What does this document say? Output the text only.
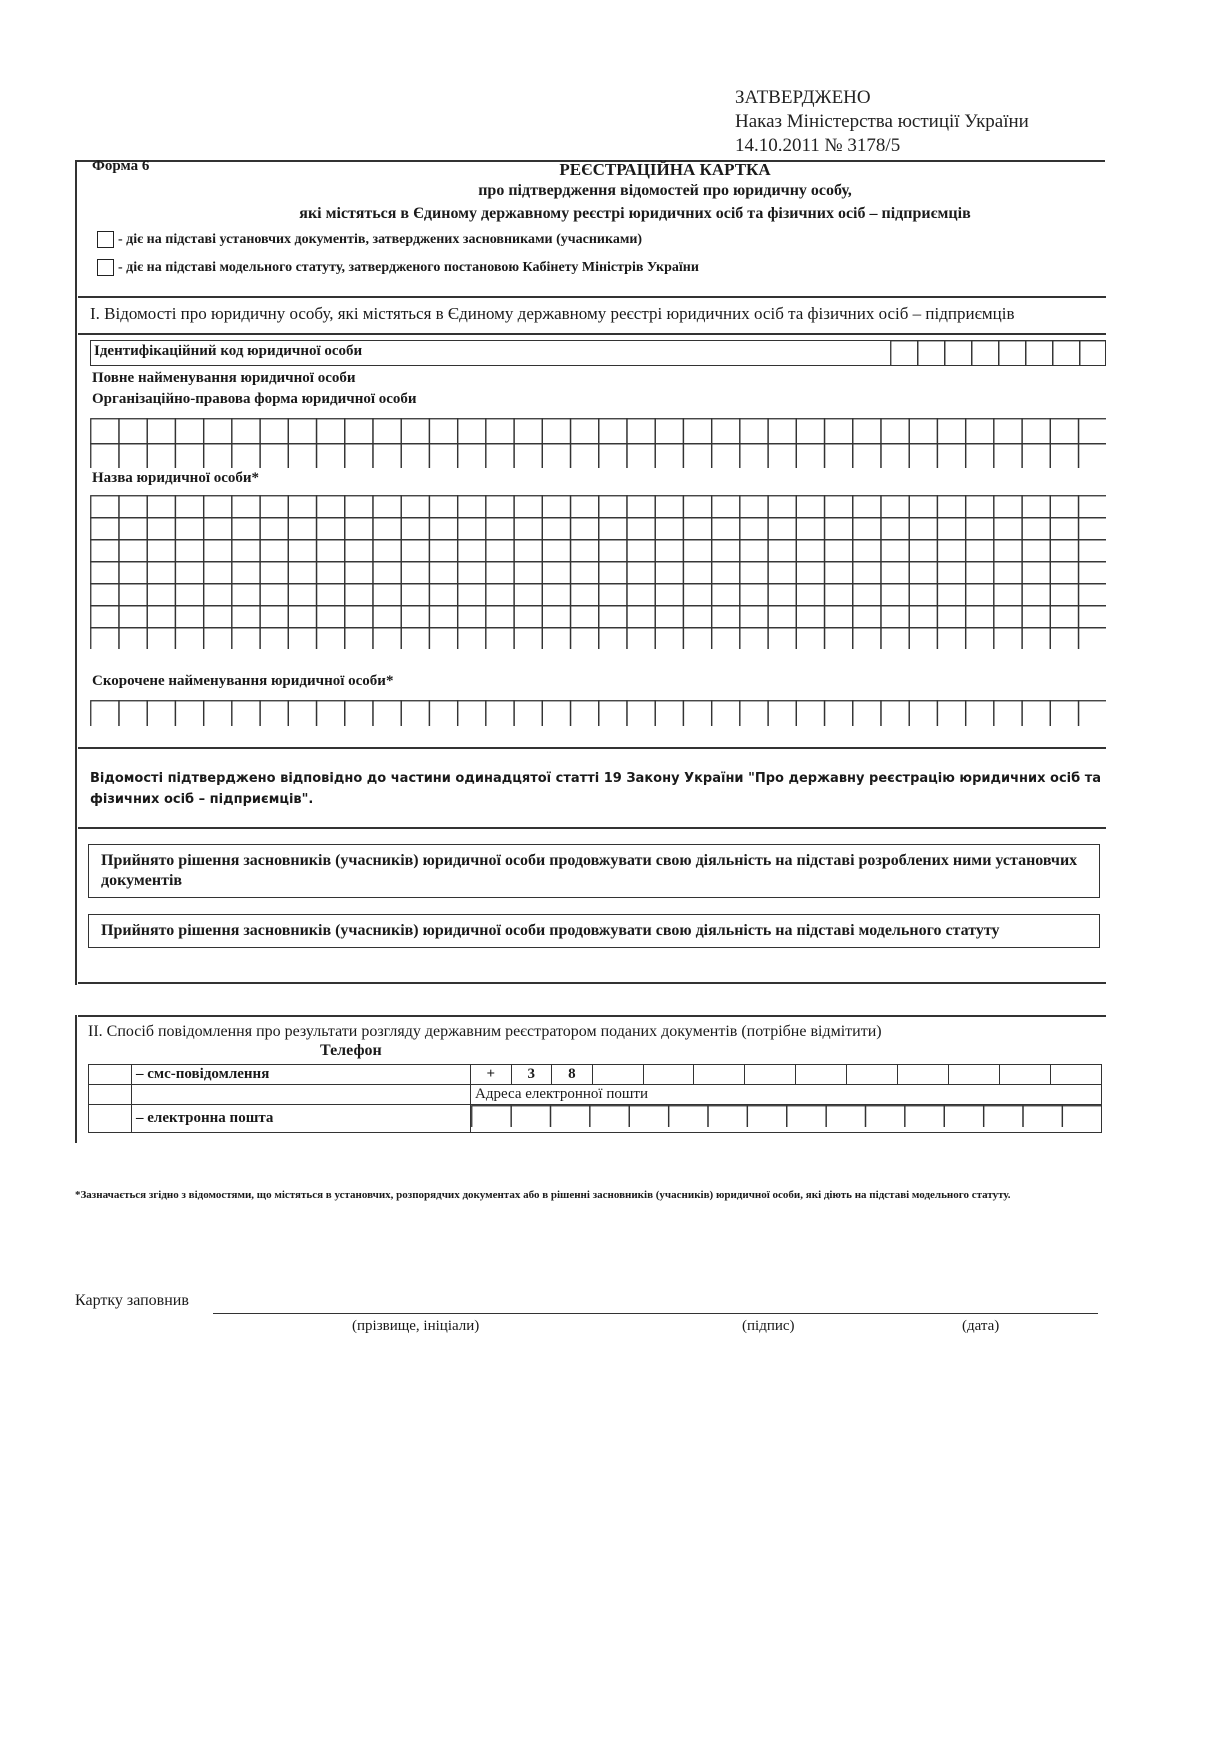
ЗАТВЕРДЖЕНО
Наказ Міністерства юстиції України
14.10.2011 № 3178/5
Форма 6	РЕЄСТРАЦІЙНА КАРТКА
про підтвердження відомостей про юридичну особу,
які містяться в Єдиному державному реєстрі юридичних осіб та фізичних осіб – підприємців
- діє на підставі установчих документів, затверджених засновниками (учасниками)
- діє на підставі модельного статуту, затвердженого постановою Кабінету Міністрів України
I. Відомості про юридичну особу, які містяться в Єдиному державному реєстрі юридичних осіб та фізичних осіб – підприємців
Ідентифікаційний код юридичної особи
Повне найменування юридичної особи
Організаційно-правова форма юридичної особи
Назва юридичної особи*
Скорочене найменування юридичної особи*
Відомості підтверджено відповідно до частини одинадцятої статті 19 Закону України "Про державну реєстрацію юридичних осіб та фізичних осіб – підприємців".
Прийнято рішення засновників (учасників) юридичної особи продовжувати свою діяльність на підставі розроблених ними установчих документів
Прийнято рішення засновників (учасників) юридичної особи продовжувати свою діяльність на підставі модельного статуту
II. Спосіб повідомлення про результати розгляду державним реєстратором поданих документів (потрібне відмітити)
Телефон
	– смс-повідомлення	+	3	8										
		Адреса електронної пошти												
	– електронна пошта	
*Зазначається згідно з відомостями, що містяться в установчих, розпорядчих документах або в рішенні засновників (учасників) юридичної особи, які діють на підставі модельного статуту.
Картку заповнив
(прізвище, ініціали)	(підпис)	(дата)
